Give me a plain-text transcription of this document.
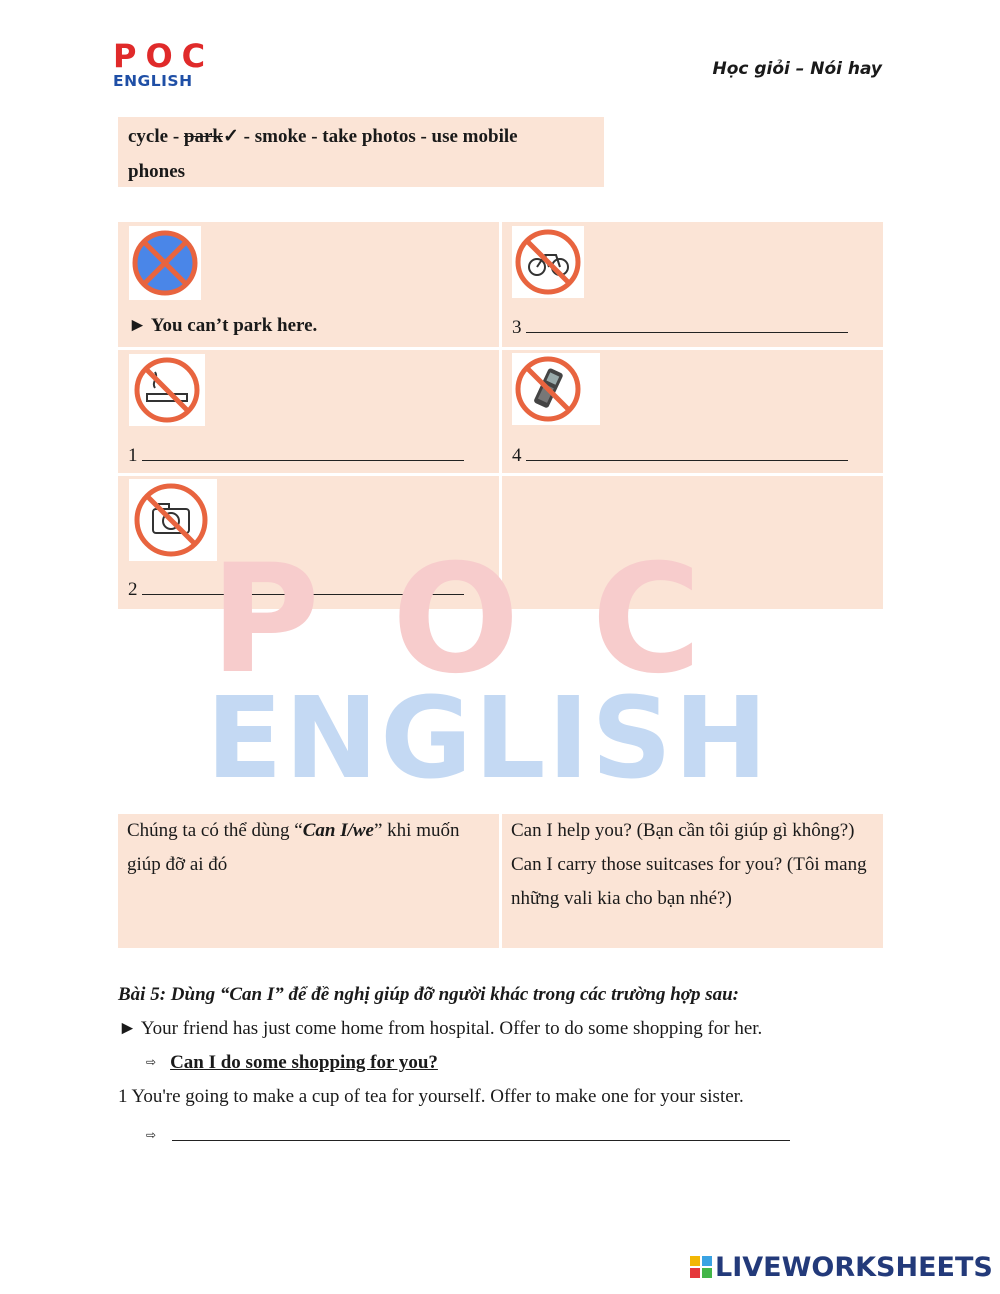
POC
ENGLISH
Học giỏi – Nói hay
cycle - park✓ - smoke - take photos - use mobile phones
► You can’t park here.	3
1	4
2 POC
ENGLISH
Chúng ta có thể dùng “Can I/we” khi muốn giúp đỡ ai đó
Can I help you? (Bạn cần tôi giúp gì không?)
Can I carry those suitcases for you? (Tôi mang những vali kia cho bạn nhé?)
Bài 5: Dùng “Can I” để đề nghị giúp đỡ người khác trong các trường hợp sau:
► Your friend has just come home from hospital. Offer to do some shopping for her.
⇨ Can I do some shopping for you?
1 You're going to make a cup of tea for yourself. Offer to make one for your sister.
⇨
LIVEWORKSHEETS
